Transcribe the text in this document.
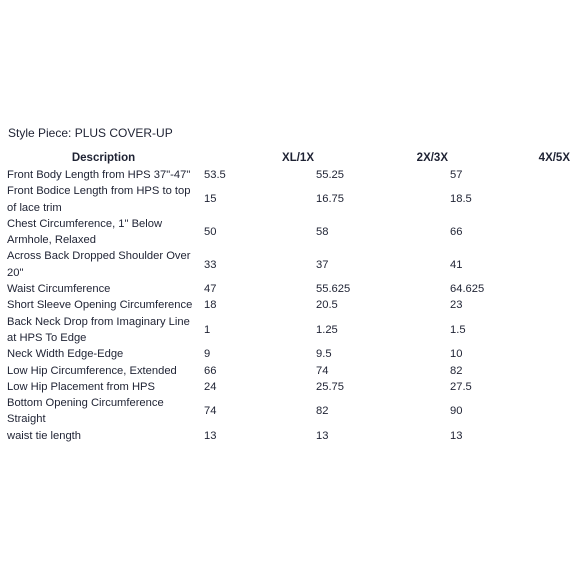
Style Piece: PLUS COVER-UP
Description	XL/1X	2X/3X	4X/5X
Front Body Length from HPS 37"-47"	53.5	55.25	57
Front Bodice Length from HPS to top of lace trim	15	16.75	18.5
Chest Circumference, 1" Below Armhole, Relaxed	50	58	66
Across Back Dropped Shoulder Over 20"	33	37	41
Waist Circumference	47	55.625	64.625
Short Sleeve Opening Circumference	18	20.5	23
Back Neck Drop from Imaginary Line at HPS To Edge	1	1.25	1.5
Neck Width Edge-Edge	9	9.5	10
Low Hip Circumference, Extended	66	74	82
Low Hip Placement from HPS	24	25.75	27.5
Bottom Opening Circumference Straight	74	82	90
waist tie length	13	13	13
